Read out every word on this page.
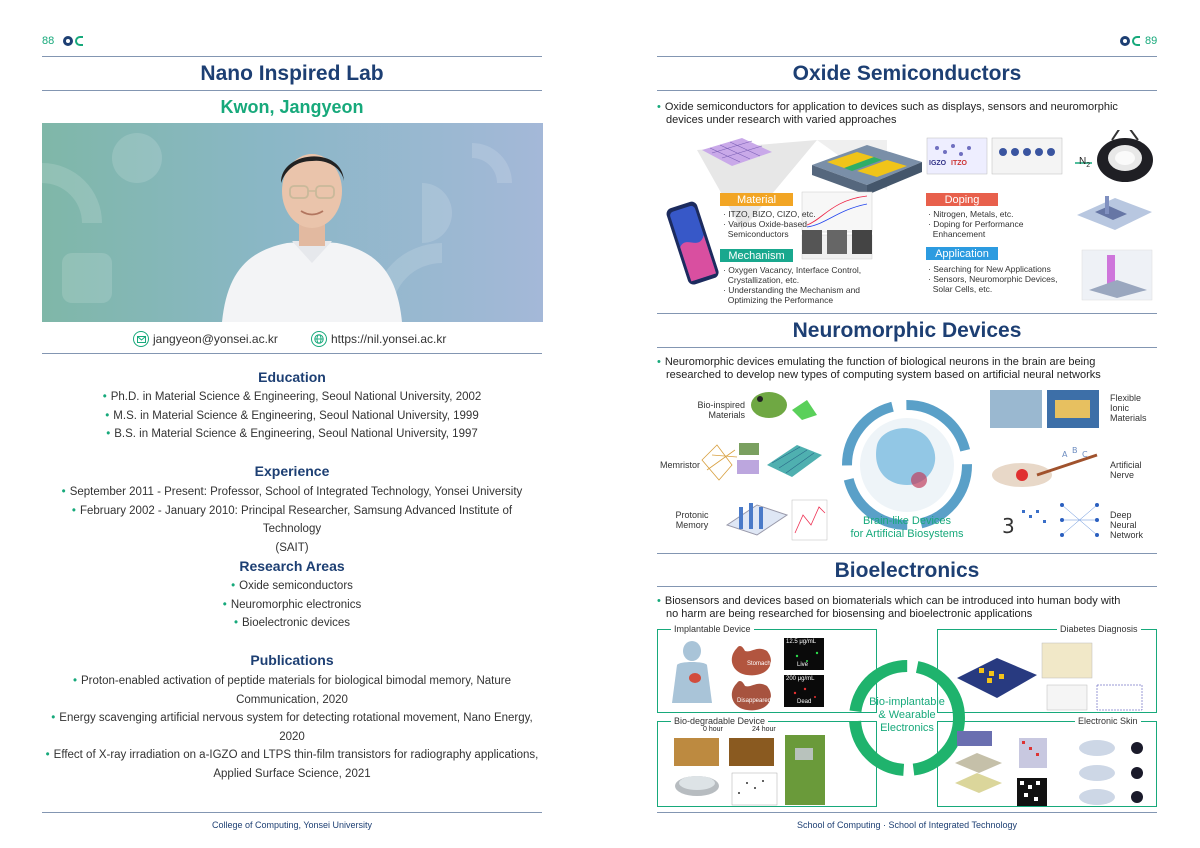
88
Nano Inspired Lab
Kwon, Jangyeon
jangyeon@yonsei.ac.kr	https://nil.yonsei.ac.kr
Education
• Ph.D. in Material Science & Engineering, Seoul National University, 2002
• M.S. in Material Science & Engineering, Seoul National University, 1999
• B.S. in Material Science & Engineering, Seoul National University, 1997
Experience
• September 2011 - Present: Professor, School of Integrated Technology, Yonsei University
• February 2002 - January 2010: Principal Researcher, Samsung Advanced Institute of Technology
(SAIT)
Research Areas
• Oxide semiconductors
• Neuromorphic electronics
• Bioelectronic devices
Publications
• Proton-enabled activation of peptide materials for biological bimodal memory, Nature
Communication, 2020
• Energy scavenging artificial nervous system for detecting rotational movement, Nano Energy,
2020
• Effect of X-ray irradiation on a-IGZO and LTPS thin-film transistors for radiography applications,
Applied Surface Science, 2021
College of Computing, Yonsei University
89
Oxide Semiconductors
• Oxide semiconductors for application to devices such as displays, sensors and neuromorphic
devices under research with varied approaches
Material
· ITZO, BIZO, CIZO, etc.
· Various Oxide-based
Semiconductors
Mechanism
· Oxygen Vacancy, Interface Control,
Crystallization, etc.
· Understanding the Mechanism and
Optimizing the Performance
Doping
· Nitrogen, Metals, etc.
· Doping for Performance
Enhancement
Application
· Searching for New Applications
· Sensors, Neuromorphic Devices,
Solar Cells, etc.
ITZO
IGZO	$N_2$
Neuromorphic Devices
• Neuromorphic devices emulating the function of biological neurons in the brain are being
researched to develop new types of computing system based on artificial neural networks
A B C
3
Bio-inspired
Materials
Memristor
Protonic
Memory
Flexible
Ionic
Materials
Artificial
Nerve
Deep
Neural
Network
Brain-like Devices
for Artificial Biosystems
Bioelectronics
• Biosensors and devices based on biomaterials which can be introduced into human body with
no harm are being researched for biosensing and bioelectronic applications
Implantable Device	Diabetes Diagnosis
Bio-degradable Device	Electronic Skin
12.5 μg/mL
Live
200 μg/mL
Dead
Stomach
Disappeared
0 hour	24 hour
Bio-implantable
& Wearable
Electronics
School of Computing · School of Integrated Technology
